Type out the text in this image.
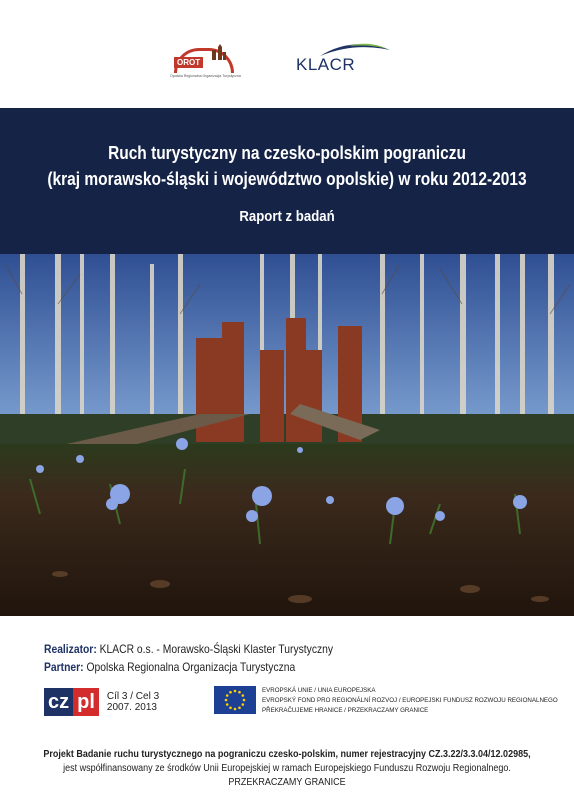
OROT
Opolska Regionalna Organizacja Turystyczna
KLACR
Ruch turystyczny na czesko-polskim pograniczu
(kraj morawsko-śląski i województwo opolskie) w roku 2012-2013
Raport z badań
Realizator: KLACR o.s. - Morawsko-Śląski Klaster Turystyczny
Partner: Opolska Regionalna Organizacja Turystyczna
cz pl	Cíl 3 / Cel 3
2007. 2013
EVROPSKÁ UNIE / UNIA EUROPEJSKA
EVROPSKÝ FOND PRO REGIONÁLNÍ ROZVOJ / EUROPEJSKI FUNDUSZ ROZWOJU REGIONALNEGO
PŘEKRAČUJEME HRANICE / PRZEKRACZAMY GRANICE
Projekt Badanie ruchu turystycznego na pograniczu czesko-polskim, numer rejestracyjny CZ.3.22/3.3.04/12.02985,
jest współfinansowany ze środków Unii Europejskiej w ramach Europejskiego Funduszu Rozwoju Regionalnego.
PRZEKRACZAMY GRANICE
